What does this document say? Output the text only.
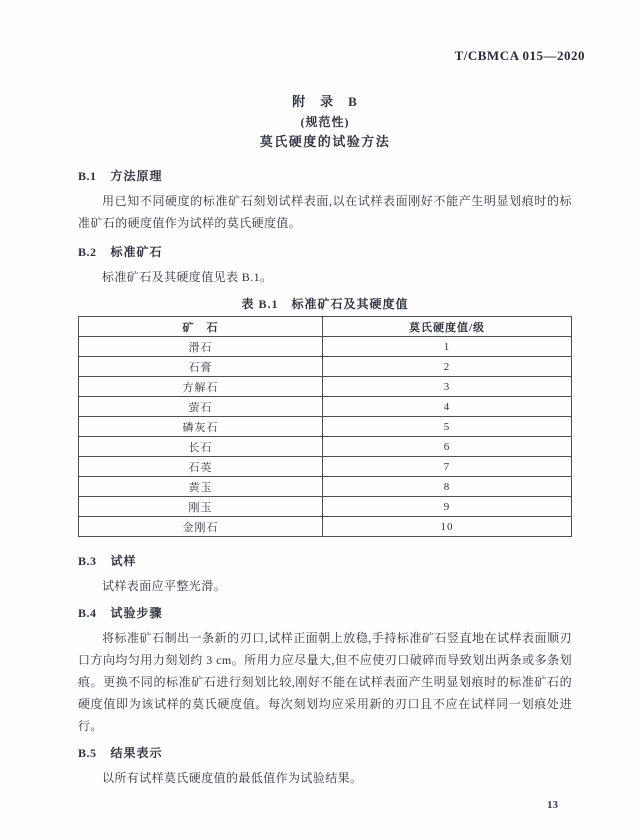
T/CBMCA 015—2020
附　录　B
(规范性)
莫氏硬度的试验方法
B.1 方法原理

用已知不同硬度的标准矿石刻划试样表面,以在试样表面刚好不能产生明显划痕时的标准矿石的硬度值作为试样的莫氏硬度值。

B.2 标准矿石

标准矿石及其硬度值见表 B.1。

表 B.1　标准矿石及其硬度值
矿　石	莫氏硬度值/级
滑石	1
石膏	2
方解石	3
萤石	4
磷灰石	5
长石	6
石英	7
黄玉	8
刚玉	9
金刚石	10
B.3 试样

试样表面应平整光滑。

B.4 试验步骤

将标准矿石制出一条新的刃口,试样正面朝上放稳,手持标准矿石竖直地在试样表面顺刃口方向均匀用力刻划约 3 cm。所用力应尽量大,但不应使刃口破碎而导致划出两条或多条划痕。更换不同的标准矿石进行刻划比较,刚好不能在试样表面产生明显划痕时的标准矿石的硬度值即为该试样的莫氏硬度值。每次刻划均应采用新的刃口且不应在试样同一划痕处进行。

B.5 结果表示

以所有试样莫氏硬度值的最低值作为试验结果。

13
